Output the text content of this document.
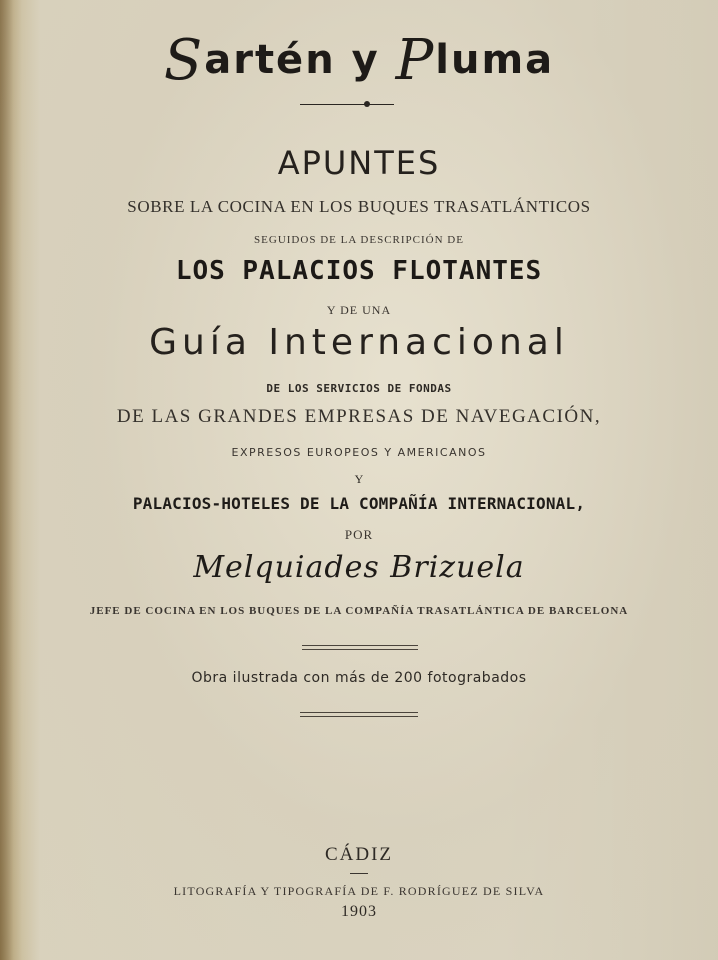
Sartén y Pluma
APUNTES
SOBRE LA COCINA EN LOS BUQUES TRASATLÁNTICOS
SEGUIDOS DE LA DESCRIPCIÓN DE
LOS PALACIOS FLOTANTES
Y DE UNA
Guía Internacional
DE LOS SERVICIOS DE FONDAS
DE LAS GRANDES EMPRESAS DE NAVEGACIÓN,
EXPRESOS EUROPEOS Y AMERICANOS
Y
PALACIOS-HOTELES DE LA COMPAÑÍA INTERNACIONAL,
POR
Melquiades Brizuela
JEFE DE COCINA EN LOS BUQUES DE LA COMPAÑÍA TRASATLÁNTICA DE BARCELONA
Obra ilustrada con más de 200 fotograbados
CÁDIZ
LITOGRAFÍA Y TIPOGRAFÍA DE F. RODRÍGUEZ DE SILVA
1903
